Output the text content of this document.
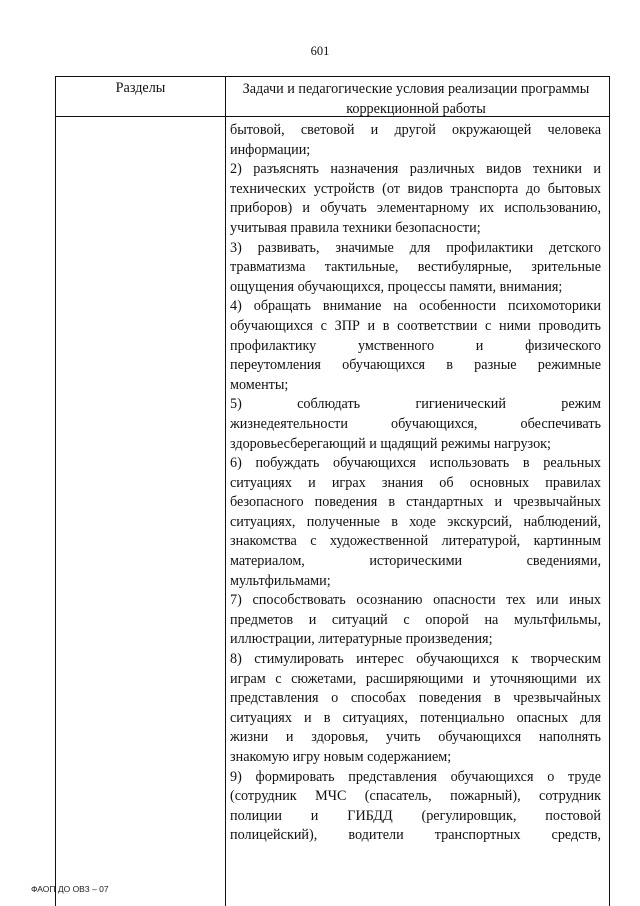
601
Разделы	Задачи и педагогические условия реализации программы
коррекционной работы
бытовой, световой и другой окружающей человека
информации;
2) разъяснять назначения различных видов техники и
технических устройств (от видов транспорта до бытовых
приборов) и обучать элементарному их использованию,
учитывая правила техники безопасности;
3) развивать, значимые для профилактики детского
травматизма тактильные, вестибулярные, зрительные
ощущения обучающихся, процессы памяти, внимания;
4) обращать внимание на особенности психомоторики
обучающихся с ЗПР и в соответствии с ними проводить
профилактику умственного и физического
переутомления обучающихся в разные режимные
моменты;
5) соблюдать гигиенический режим
жизнедеятельности обучающихся, обеспечивать
здоровьесберегающий и щадящий режимы нагрузок;
6) побуждать обучающихся использовать в реальных
ситуациях и играх знания об основных правилах
безопасного поведения в стандартных и чрезвычайных
ситуациях, полученные в ходе экскурсий, наблюдений,
знакомства с художественной литературой, картинным
материалом, историческими сведениями,
мультфильмами;
7) способствовать осознанию опасности тех или иных
предметов и ситуаций с опорой на мультфильмы,
иллюстрации, литературные произведения;
8) стимулировать интерес обучающихся к творческим
играм с сюжетами, расширяющими и уточняющими их
представления о способах поведения в чрезвычайных
ситуациях и в ситуациях, потенциально опасных для
жизни и здоровья, учить обучающихся наполнять
знакомую игру новым содержанием;
9) формировать представления обучающихся о труде
(сотрудник МЧС (спасатель, пожарный), сотрудник
полиции и ГИБДД (регулировщик, постовой
полицейский), водители транспортных средств,
ФАОП ДО ОВЗ – 07
